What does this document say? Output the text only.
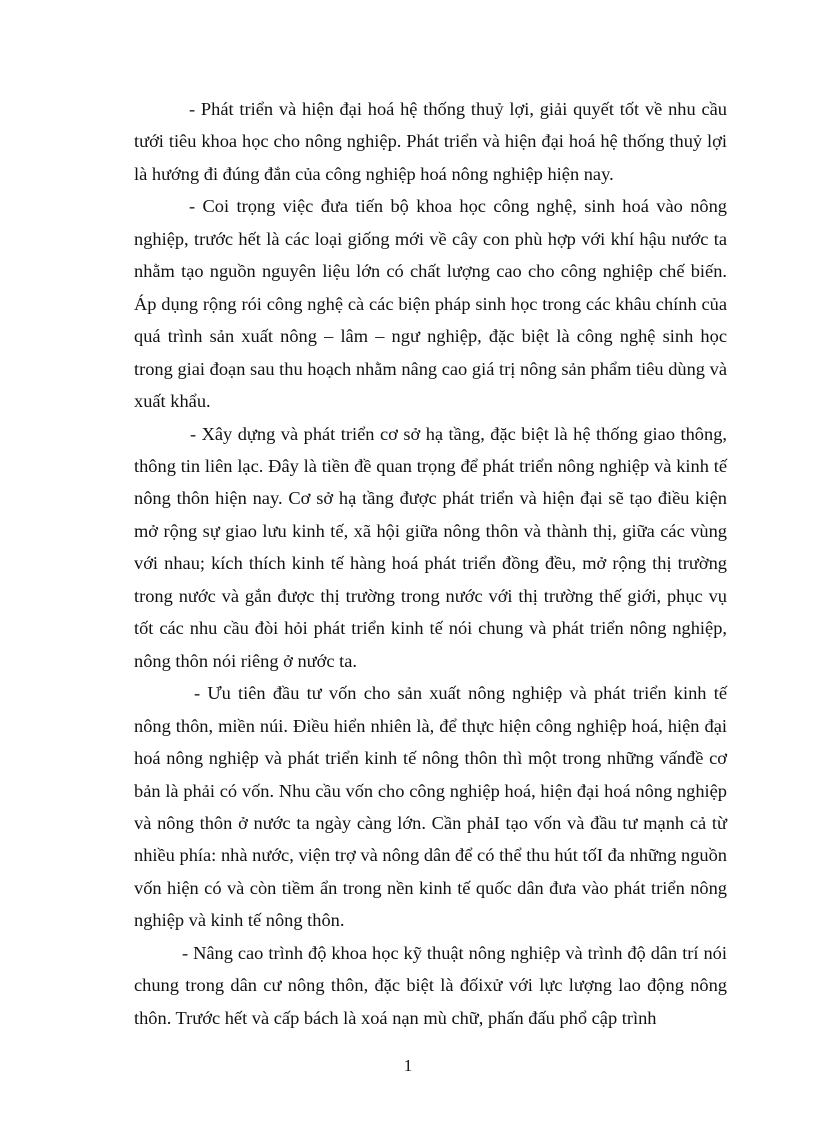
- Phát triển và hiện đại hoá hệ thống thuỷ lợi, giải quyết tốt về nhu cầu tưới tiêu khoa học cho nông nghiệp. Phát triển và hiện đại hoá hệ thống thuỷ lợi là hướng đi đúng đắn của công nghiệp hoá nông nghiệp hiện nay.

- Coi trọng việc đưa tiến bộ khoa học công nghệ, sinh hoá vào nông nghiệp, trước hết là các loại giống mới về cây con phù hợp với khí hậu nước ta nhằm tạo nguồn nguyên liệu lớn có chất lượng cao cho công nghiệp chế biến. Áp dụng rộng rói công nghệ cà các biện pháp sinh học trong các khâu chính của quá trình sản xuất nông – lâm – ngư nghiệp, đặc biệt là công nghệ sinh học trong giai đoạn sau thu hoạch nhằm nâng cao giá trị nông sản phẩm tiêu dùng và xuất khẩu.

- Xây dựng và phát triển cơ sở hạ tầng, đặc biệt là hệ thống giao thông, thông tin liên lạc. Đây là tiền đề quan trọng để phát triển nông nghiệp và kinh tế nông thôn hiện nay. Cơ sở hạ tầng được phát triển và hiện đại sẽ tạo điều kiện mở rộng sự giao lưu kinh tế, xã hội giữa nông thôn và thành thị, giữa các vùng với nhau; kích thích kinh tế hàng hoá phát triển đồng đều, mở rộng thị trường trong nước và gắn được thị trường trong nước với thị trường thế giới, phục vụ tốt các nhu cầu đòi hỏi phát triển kinh tế nói chung và phát triển nông nghiệp, nông thôn nói riêng ở nước ta.

- Ưu tiên đầu tư vốn cho sản xuất nông nghiệp và phát triển kinh tế nông thôn, miền núi. Điều hiển nhiên là, để thực hiện công nghiệp hoá, hiện đại hoá nông nghiệp và phát triển kinh tế nông thôn thì một trong những vấnđề cơ bản là phải có vốn. Nhu cầu vốn cho công nghiệp hoá, hiện đại hoá nông nghiệp và nông thôn ở nước ta ngày càng lớn. Cần phảI tạo vốn và đầu tư mạnh cả từ nhiều phía: nhà nước, viện trợ và nông dân để có thể thu hút tốI đa những nguồn vốn hiện có và còn tiềm ẩn trong nền kinh tế quốc dân đưa vào phát triển nông nghiệp và kinh tế nông thôn.

- Nâng cao trình độ khoa học kỹ thuật nông nghiệp và trình độ dân trí nói chung trong dân cư nông thôn, đặc biệt là đốixử với lực lượng lao động nông thôn. Trước hết và cấp bách là xoá nạn mù chữ, phấn đấu phổ cập trình

1
